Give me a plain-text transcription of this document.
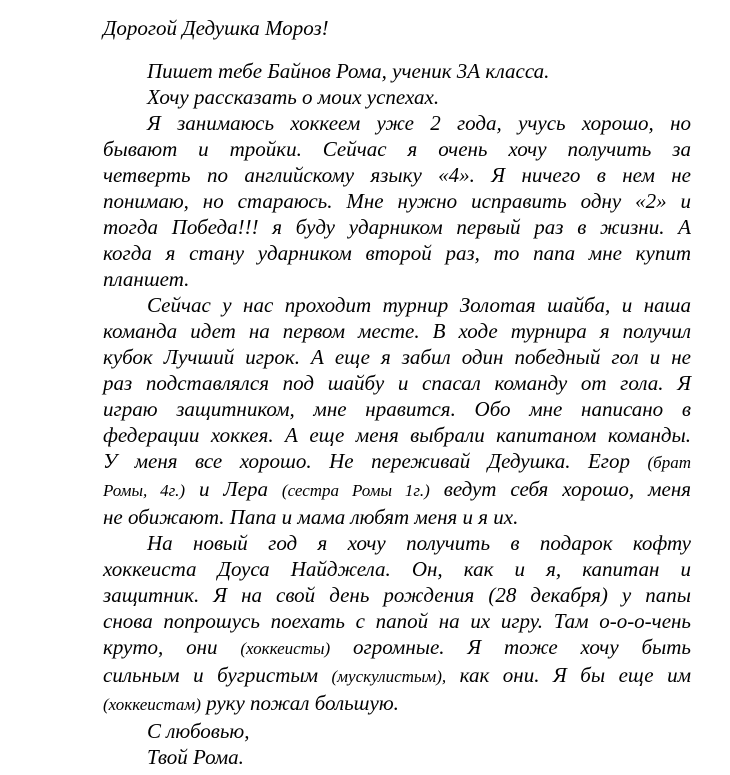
Дорогой Дедушка Мороз!
Пишет тебе Байнов Рома, ученик 3А класса.
Хочу рассказать о моих успехах.
Я занимаюсь хоккеем уже 2 года, учусь хорошо, но
бывают и тройки. Сейчас я очень хочу получить за
четверть по английскому языку «4». Я ничего в нем не
понимаю, но стараюсь. Мне нужно исправить одну «2» и
тогда Победа!!! я буду ударником первый раз в жизни. А
когда я стану ударником второй раз, то папа мне купит
планшет.
Сейчас у нас проходит турнир Золотая шайба, и наша
команда идет на первом месте. В ходе турнира я получил
кубок Лучший игрок. А еще я забил один победный гол и не
раз подставлялся под шайбу и спасал команду от гола. Я
играю защитником, мне нравится. Обо мне написано в
федерации хоккея. А еще меня выбрали капитаном команды.
У меня все хорошо. Не переживай Дедушка. Егор (брат
Ромы, 4г.) и Лера (сестра Ромы 1г.) ведут себя хорошо, меня
не обижают. Папа и мама любят меня и я их.
На новый год я хочу получить в подарок кофту
хоккеиста Доуса Найджела. Он, как и я, капитан и
защитник. Я на свой день рождения (28 декабря) у папы
снова попрошусь поехать с папой на их игру. Там о-о-о-чень
круто, они (хоккеисты) огромные. Я тоже хочу быть
сильным и бугристым (мускулистым), как они. Я бы еще им
(хоккеистам) руку пожал большую.
С любовью,
Твой Рома.
